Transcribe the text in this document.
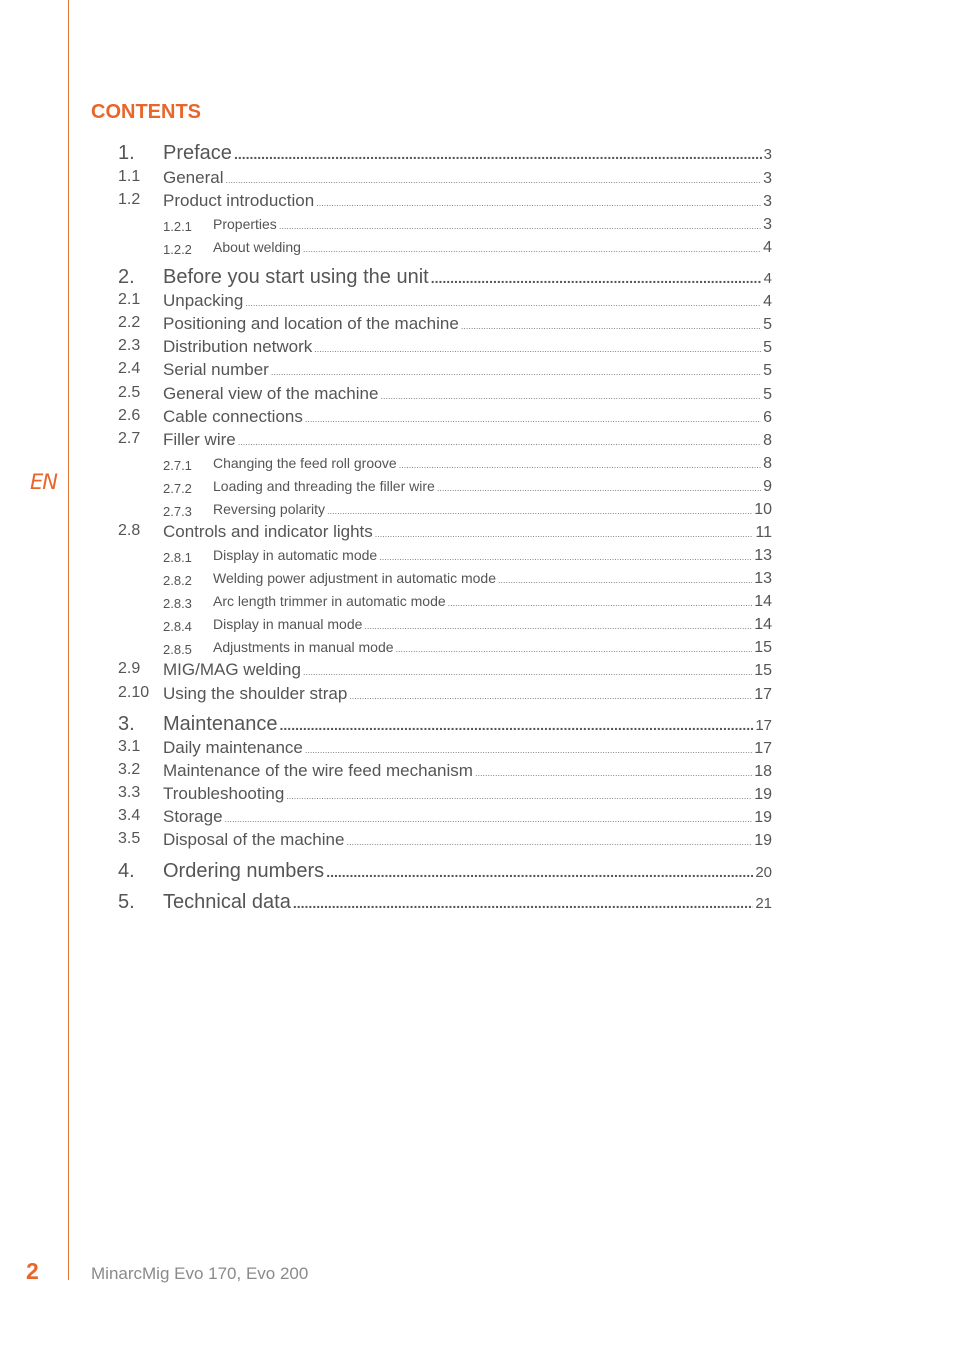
EN
CONTENTS
1. Preface .....	3
1.1 General .....	3
1.2 Product introduction .....	3
1.2.1 Properties .....	3
1.2.2 About welding .....	4
2. Before you start using the unit .....	4
2.1 Unpacking .....	4
2.2 Positioning and location of the machine .....	5
2.3 Distribution network .....	5
2.4 Serial number .....	5
2.5 General view of the machine .....	5
2.6 Cable connections .....	6
2.7 Filler wire .....	8
2.7.1 Changing the feed roll groove .....	8
2.7.2 Loading and threading the filler wire .....	9
2.7.3 Reversing polarity .....	10
2.8 Controls and indicator lights .....	11
2.8.1 Display in automatic mode .....	13
2.8.2 Welding power adjustment in automatic mode .....	13
2.8.3 Arc length trimmer in automatic mode .....	14
2.8.4 Display in manual mode .....	14
2.8.5 Adjustments in manual mode .....	15
2.9 MIG/MAG welding .....	15
2.10 Using the shoulder strap .....	17
3. Maintenance .....	17
3.1 Daily maintenance .....	17
3.2 Maintenance of the wire feed mechanism .....	18
3.3 Troubleshooting .....	19
3.4 Storage .....	19
3.5 Disposal of the machine .....	19
4. Ordering numbers .....	20
5. Technical data .....	21
2	MinarcMig Evo 170, Evo 200
